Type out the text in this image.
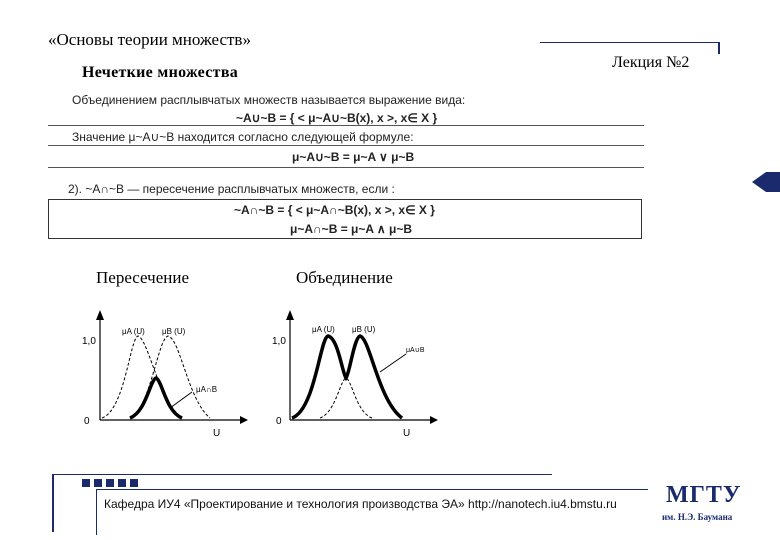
«Основы теории множеств»
Нечеткие множества
Лекция №2
Объединением расплывчатых множеств называется выражение вида:
~A∪~B = { < μ~A∪~B(x), x >, x∈ X }
Значение μ~A∪~B находится согласно следующей формуле:
μ~A∪~B = μ~A ∨ μ~B
2). ~A∩~B — пересечение расплывчатых множеств, если :
~A∩~B = { < μ~A∩~B(x), x >, x∈ X }
μ~A∩~B = μ~A ∧ μ~B
Пересечение	Объединение
1,0
0
U
μA (U) μB (U)
μA∩B
1,0
0
U
μA (U) μB (U)
μA∪B
Кафедра ИУ4 «Проектирование и технология производства ЭА» http://nanotech.iu4.bmstu.ru МГТУ
им. Н.Э. Баумана
